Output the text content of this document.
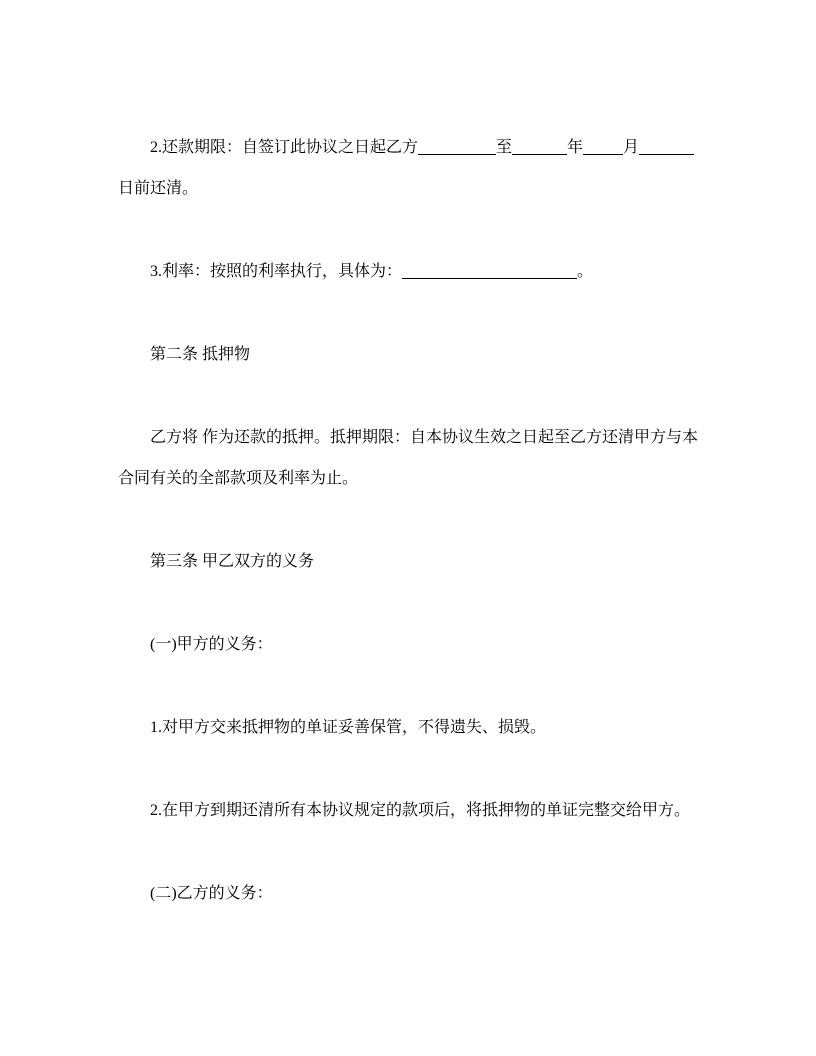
2.还款期限：自签订此协议之日起乙方	至	年	月
日前还清。

3.利率：按照的利率执行，具体为：	。

第二条 抵押物

乙方将 作为还款的抵押。抵押期限：自本协议生效之日起至乙方还清甲方与本合同有关的全部款项及利率为止。

第三条 甲乙双方的义务

(一)甲方的义务：

1.对甲方交来抵押物的单证妥善保管，不得遗失、损毁。

2.在甲方到期还清所有本协议规定的款项后，将抵押物的单证完整交给甲方。

(二)乙方的义务：
